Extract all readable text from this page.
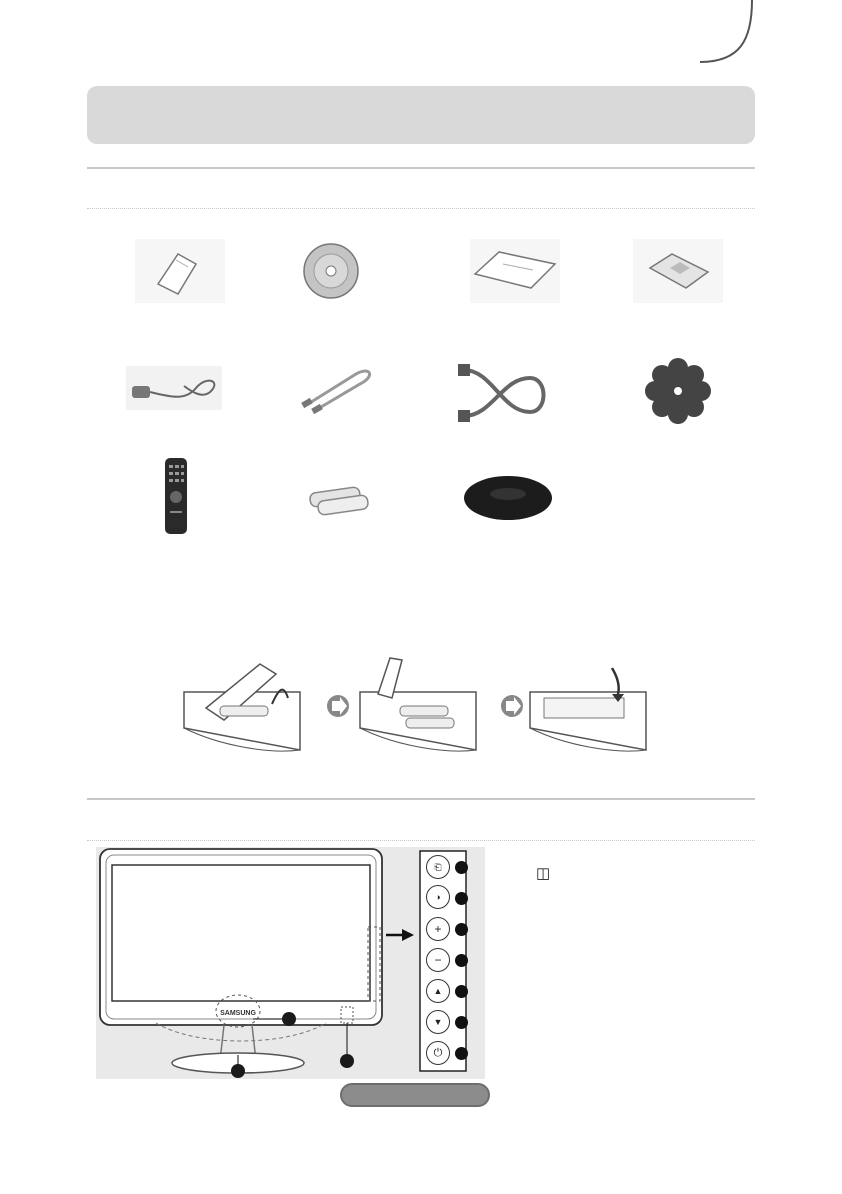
SAMSUNG
⎗
◑
+
−
▲
▼
⏻
◫
